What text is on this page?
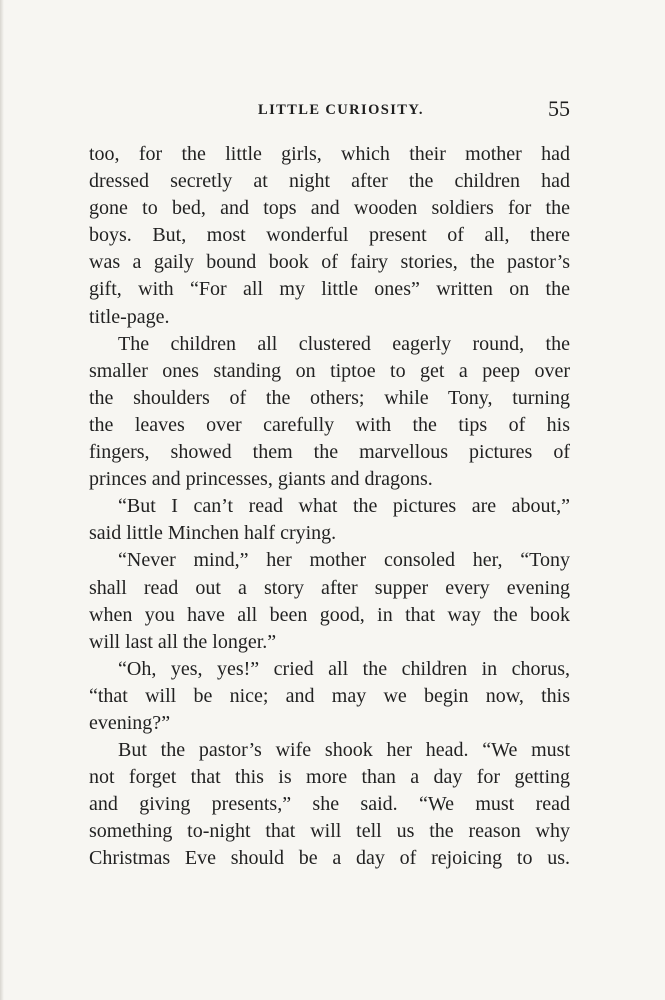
LITTLE CURIOSITY.	55
too, for the little girls, which their mother had
dressed secretly at night after the children had
gone to bed, and tops and wooden soldiers for the
boys. But, most wonderful present of all, there
was a gaily bound book of fairy stories, the pastor’s
gift, with “For all my little ones” written on the
title-page.
The children all clustered eagerly round, the
smaller ones standing on tiptoe to get a peep over
the shoulders of the others; while Tony, turning
the leaves over carefully with the tips of his
fingers, showed them the marvellous pictures of
princes and princesses, giants and dragons.
“But I can’t read what the pictures are about,”
said little Minchen half crying.
“Never mind,” her mother consoled her, “Tony
shall read out a story after supper every evening
when you have all been good, in that way the book
will last all the longer.”
“Oh, yes, yes!” cried all the children in chorus,
“that will be nice; and may we begin now, this
evening?”
But the pastor’s wife shook her head. “We must
not forget that this is more than a day for getting
and giving presents,” she said. “We must read
something to-night that will tell us the reason why
Christmas Eve should be a day of rejoicing to us.
